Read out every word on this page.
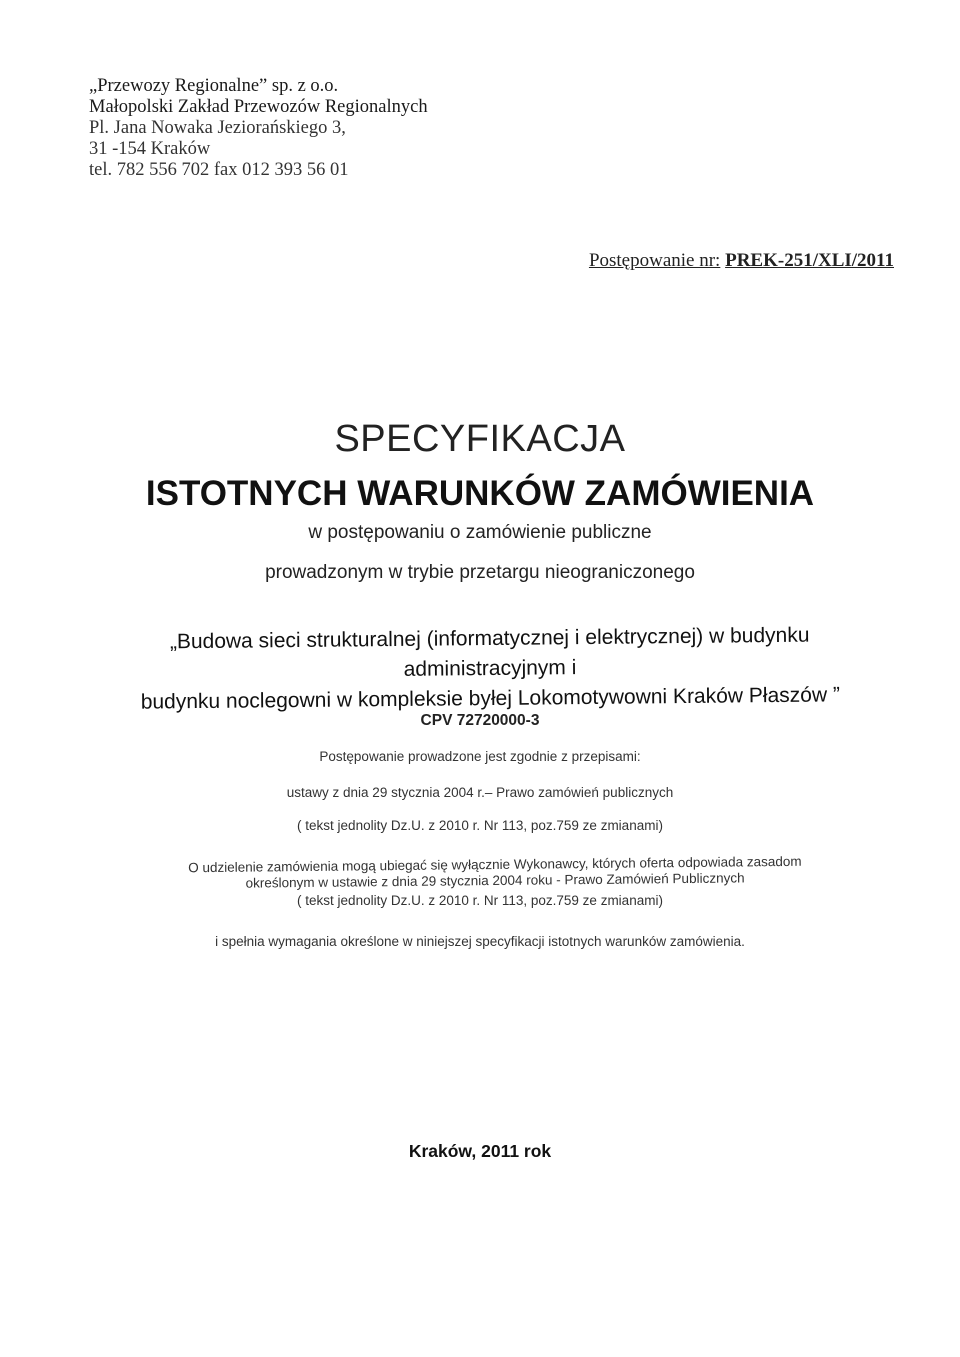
„Przewozy Regionalne” sp. z o.o.
Małopolski Zakład Przewozów Regionalnych
Pl. Jana Nowaka Jeziorańskiego 3,
31 -154 Kraków
tel. 782 556 702 fax 012 393 56 01
Postępowanie nr: PREK-251/XLI/2011
SPECYFIKACJA
ISTOTNYCH WARUNKÓW ZAMÓWIENIA
w postępowaniu o zamówienie publiczne
prowadzonym w trybie przetargu nieograniczonego
„Budowa sieci strukturalnej (informatycznej i elektrycznej) w budynku administracyjnym i
budynku noclegowni w kompleksie byłej Lokomotywowni Kraków Płaszów ”
CPV 72720000-3
Postępowanie prowadzone jest zgodnie z przepisami:
ustawy z dnia 29 stycznia 2004 r.– Prawo zamówień publicznych
( tekst jednolity Dz.U. z 2010 r. Nr 113, poz.759 ze zmianami)
O udzielenie zamówienia mogą ubiegać się wyłącznie Wykonawcy, których oferta odpowiada zasadom
określonym w ustawie z dnia 29 stycznia 2004 roku - Prawo Zamówień Publicznych
( tekst jednolity Dz.U. z 2010 r. Nr 113, poz.759 ze zmianami)
i spełnia wymagania określone w niniejszej specyfikacji istotnych warunków zamówienia.
Kraków, 2011 rok
